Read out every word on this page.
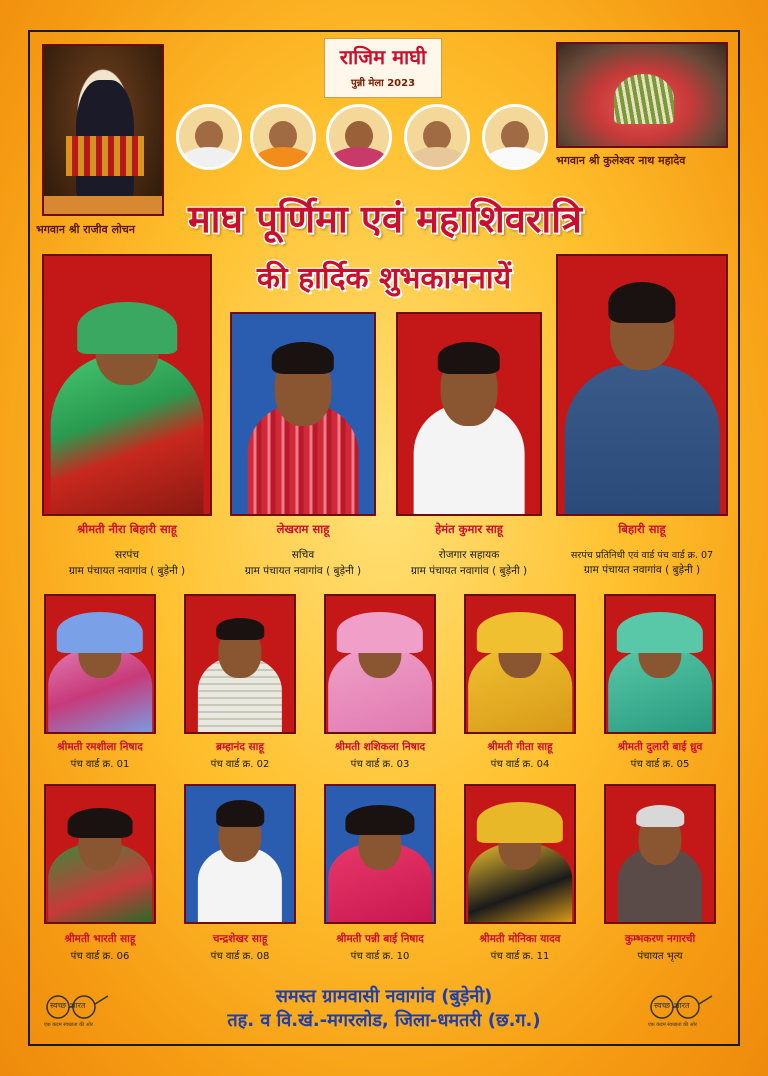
भगवान श्री राजीव लोचन
राजिम माघी
पुन्नी मेला 2023
भगवान श्री कुलेश्वर नाथ महादेव
माघ पूर्णिमा एवं महाशिवरात्रि
की हार्दिक शुभकामनायें
श्रीमती नीरा बिहारी साहू	लेखराम साहू	हेमंत कुमार साहू	बिहारी साहू
सरपंच
ग्राम पंचायत नवागांव ( बुड़ेनी )
सचिव
ग्राम पंचायत नवागांव ( बुड़ेनी )
रोजगार सहायक
ग्राम पंचायत नवागांव ( बुड़ेनी )
सरपंच प्रतिनिधी एवं वार्ड पंच वार्ड क्र. 07
ग्राम पंचायत नवागांव ( बुड़ेनी )
श्रीमती रमशीला निषाद
पंच वार्ड क्र. 01
ब्रम्हानंद साहू
पंच वार्ड क्र. 02
श्रीमती शशिकला निषाद
पंच वार्ड क्र. 03
श्रीमती गीता साहू
पंच वार्ड क्र. 04
श्रीमती दुलारी बाई ध्रुव
पंच वार्ड क्र. 05
श्रीमती भारती साहू
पंच वार्ड क्र. 06
चन्द्रशेखर साहू
पंच वार्ड क्र. 08
श्रीमती पन्नी बाई निषाद
पंच वार्ड क्र. 10
श्रीमती मोनिका यादव
पंच वार्ड क्र. 11
कुम्भकरण नगारची
पंचायत भृत्य
स्वच्छ भारत
एक कदम स्वच्छता की ओर
स्वच्छ भारत
एक कदम स्वच्छता की ओर
समस्त ग्रामवासी नवागांव (बुड़ेनी)
तह. व वि.खं.-मगरलोड, जिला-धमतरी (छ.ग.)
